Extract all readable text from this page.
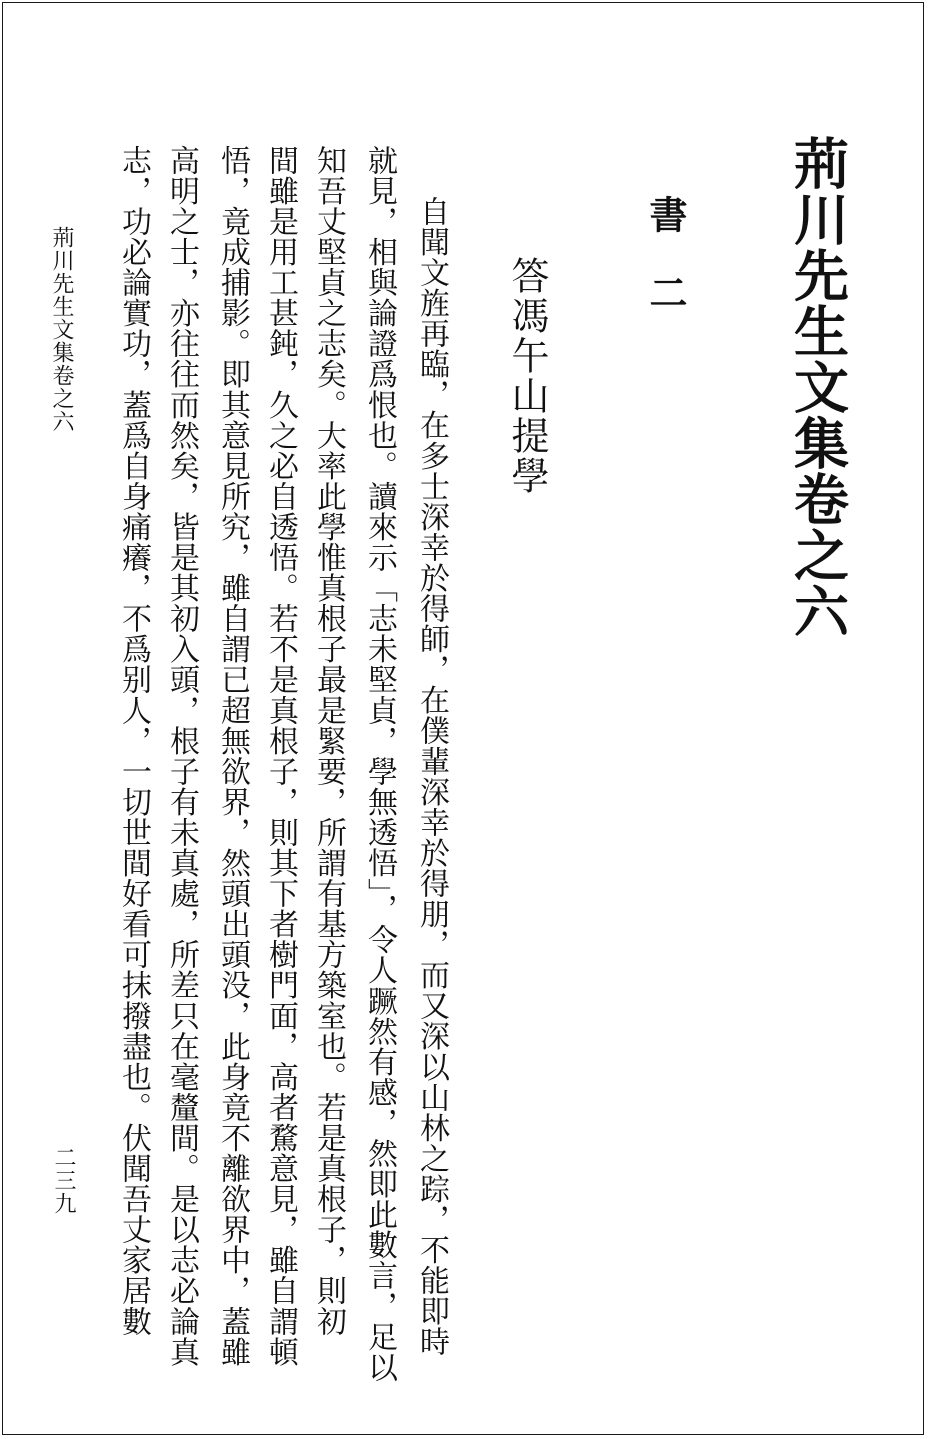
荊川先生文集卷之六
書二
答馮午山提學
自聞文旌再臨，在多士深幸於得師，在僕輩深幸於得朋，而又深以山林之踪，不能即時
就見，相與論證爲恨也。讀來示「志未堅貞，學無透悟」，令人蹶然有感，然即此數言，足以
知吾丈堅貞之志矣。大率此學惟真根子最是緊要，所謂有基方築室也。若是真根子，則初
間雖是用工甚鈍，久之必自透悟。若不是真根子，則其下者樹門面，高者騖意見，雖自謂頓
悟，竟成捕影。即其意見所究，雖自謂已超無欲界，然頭出頭没，此身竟不離欲界中，蓋雖
高明之士，亦往往而然矣，皆是其初入頭，根子有未真處，所差只在毫釐間。是以志必論真
志，功必論實功，蓋爲自身痛癢，不爲别人，一切世間好看可抹撥盡也。伏聞吾丈家居數
荊川先生文集卷之六
二三九
